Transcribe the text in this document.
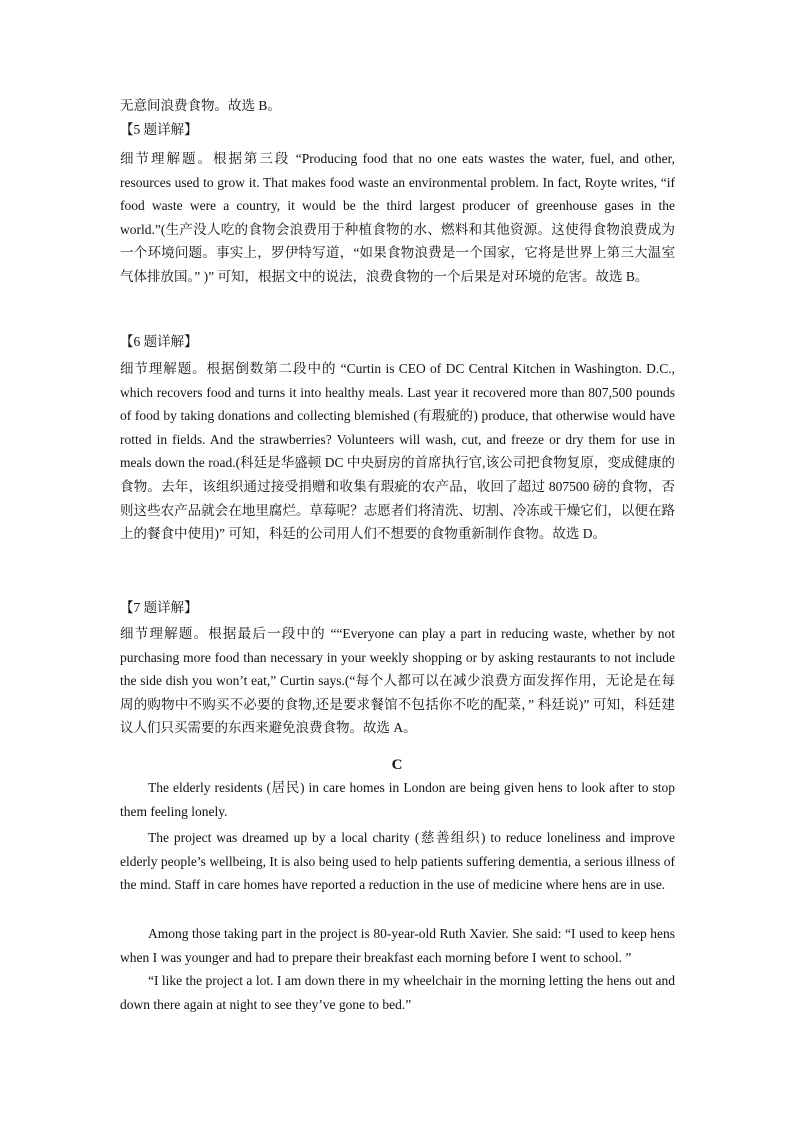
无意间浪费食物。故选 B。
【5 题详解】
细节理解题。根据第三段 “Producing food that no one eats wastes the water, fuel, and other, resources used to grow it. That makes food waste an environmental problem. In fact, Royte writes, “if food waste were a country, it would be the third largest producer of greenhouse gases in the world.”(生产没人吃的食物会浪费用于种植食物的水、燃料和其他资源。这使得食物浪费成为一个环境问题。事实上，罗伊特写道，“如果食物浪费是一个国家，它将是世界上第三大温室气体排放国。” )” 可知，根据文中的说法，浪费食物的一个后果是对环境的危害。故选 B。
【6 题详解】
细节理解题。根据倒数第二段中的 “Curtin is CEO of DC Central Kitchen in Washington. D.C., which recovers food and turns it into healthy meals. Last year it recovered more than 807,500 pounds of food by taking donations and collecting blemished (有瑕疵的) produce, that otherwise would have rotted in fields. And the strawberries? Volunteers will wash, cut, and freeze or dry them for use in meals down the road.(科廷是华盛顿 DC 中央厨房的首席执行官,该公司把食物复原，变成健康的食物。去年，该组织通过接受捐赠和收集有瑕疵的农产品，收回了超过 807500 磅的食物，否则这些农产品就会在地里腐烂。草莓呢？志愿者们将清洗、切割、冷冻或干燥它们，以便在路上的餐食中使用)” 可知，科廷的公司用人们不想要的食物重新制作食物。故选 D。
【7 题详解】
细节理解题。根据最后一段中的 ““Everyone can play a part in reducing waste, whether by not purchasing more food than necessary in your weekly shopping or by asking restaurants to not include the side dish you won’t eat,” Curtin says.(“每个人都可以在减少浪费方面发挥作用，无论是在每周的购物中不购买不必要的食物,还是要求餐馆不包括你不吃的配菜，” 科廷说)” 可知，科廷建议人们只买需要的东西来避免浪费食物。故选 A。
C
The elderly residents (居民) in care homes in London are being given hens to look after to stop them feeling lonely.
The project was dreamed up by a local charity (慈善组织) to reduce loneliness and improve elderly people’s wellbeing, It is also being used to help patients suffering dementia, a serious illness of the mind. Staff in care homes have reported a reduction in the use of medicine where hens are in use.
Among those taking part in the project is 80-year-old Ruth Xavier. She said: “I used to keep hens when I was younger and had to prepare their breakfast each morning before I went to school. ”
“I like the project a lot. I am down there in my wheelchair in the morning letting the hens out and down there again at night to see they’ve gone to bed.”
